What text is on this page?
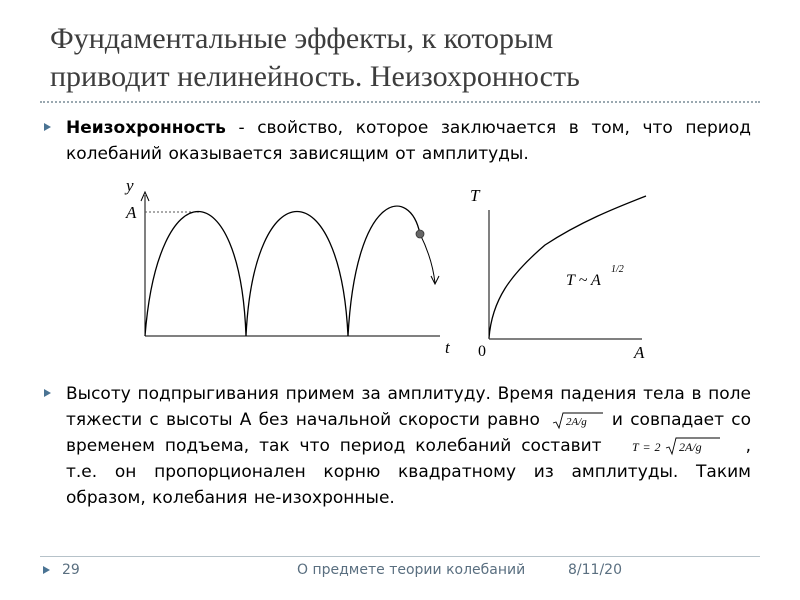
Фундаментальные эффекты, к которым
приводит нелинейность. Неизохронность
Неизохронность - свойство, которое заключается в том, что период колебаний оказывается зависящим от амплитуды.
y
A
t
T
0	A
T ~ A
1/2
Высоту подпрыгивания примем за амплитуду. Время падения тела в поле тяжести с высоты A без начальной скорости равно 2A/g и совпадает со временем подъема, так что период колебаний составит	T = 2 2A/g	, т.е. он пропорционален корню квадратному из амплитуды. Таким образом, колебания не-изохронные.
29	О предмете теории колебаний	8/11/20
